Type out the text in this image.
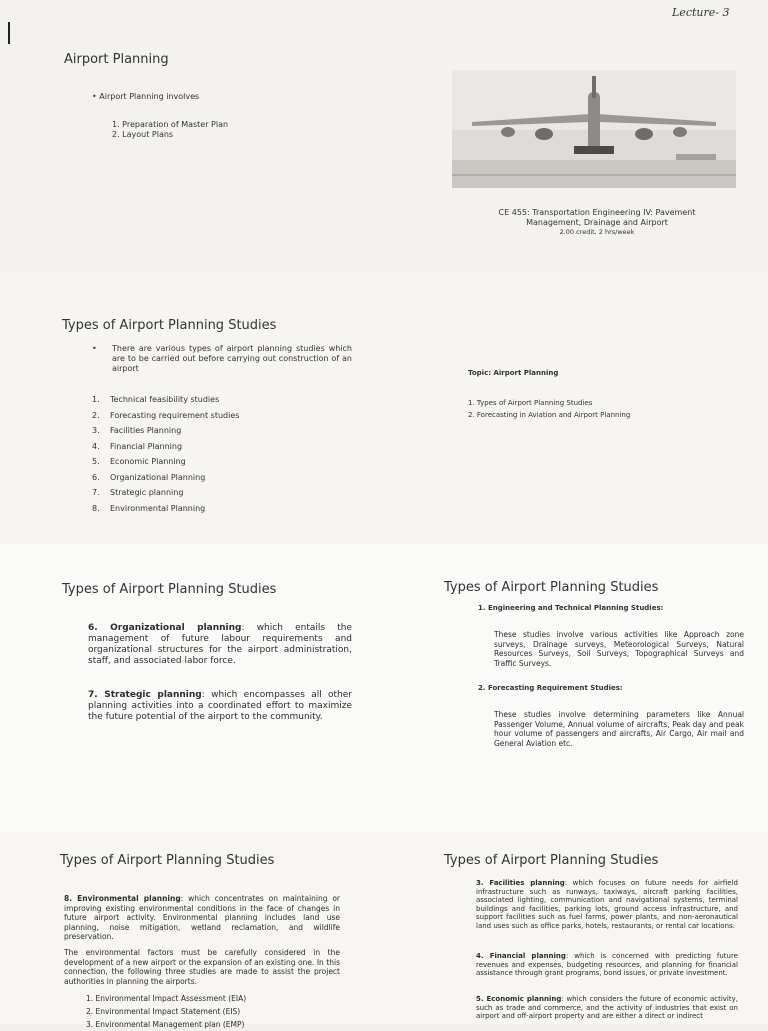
Lecture- 3
Airport Planning
• Airport Planning involves
1. Preparation of Master Plan
2. Layout Plans
CE 455: Transportation Engineering IV: Pavement
Management, Drainage and Airport
2.00 credit, 2 hrs/week
Types of Airport Planning Studies
•	There are various types of airport planning studies which are to be carried out before carrying out construction of an airport
1.	Technical feasibility studies
2.	Forecasting requirement studies
3.	Facilities Planning
4.	Financial Planning
5.	Economic Planning
6.	Organizational Planning
7.	Strategic planning
8.	Environmental Planning
Topic: Airport Planning
1. Types of Airport Planning Studies
2. Forecasting in Aviation and Airport Planning
Types of Airport Planning Studies
6. Organizational planning: which entails the management of future labour requirements and organizational structures for the airport administration, staff, and associated labor force.
7. Strategic planning: which encompasses all other planning activities into a coordinated effort to maximize the future potential of the airport to the community.
Types of Airport Planning Studies
1. Engineering and Technical Planning Studies:
These studies involve various activities like Approach zone surveys, Drainage surveys, Meteorological Surveys, Natural Resources Surveys, Soil Surveys, Topographical Surveys and Traffic Surveys.
2. Forecasting Requirement Studies:
These studies involve determining parameters like Annual Passenger Volume, Annual volume of aircrafts, Peak day and peak hour volume of passengers and aircrafts, Air Cargo, Air mail and General Aviation etc.
Types of Airport Planning Studies
8. Environmental planning: which concentrates on maintaining or improving existing environmental conditions in the face of changes in future airport activity. Environmental planning includes land use planning, noise mitigation, wetland reclamation, and wildlife preservation.
The environmental factors must be carefully considered in the development of a new airport or the expansion of an existing one. In this connection, the following three studies are made to assist the project authorities in planning the airports.
1. Environmental Impact Assessment (EIA)
2. Environmental Impact Statement (EIS)
3. Environmental Management plan (EMP)
Types of Airport Planning Studies
3. Facilities planning: which focuses on future needs for airfield infrastructure such as runways, taxiways, aircraft parking facilities, associated lighting, communication and navigational systems, terminal buildings and facilities, parking lots, ground access infrastructure, and support facilities such as fuel farms, power plants, and non-aeronautical land uses such as office parks, hotels, restaurants, or rental car locations.
4. Financial planning: which is concerned with predicting future revenues and expenses, budgeting resources, and planning for financial assistance through grant programs, bond issues, or private investment.
5. Economic planning: which considers the future of economic activity, such as trade and commerce, and the activity of industries that exist on airport and off-airport property and are either a direct or indirect
